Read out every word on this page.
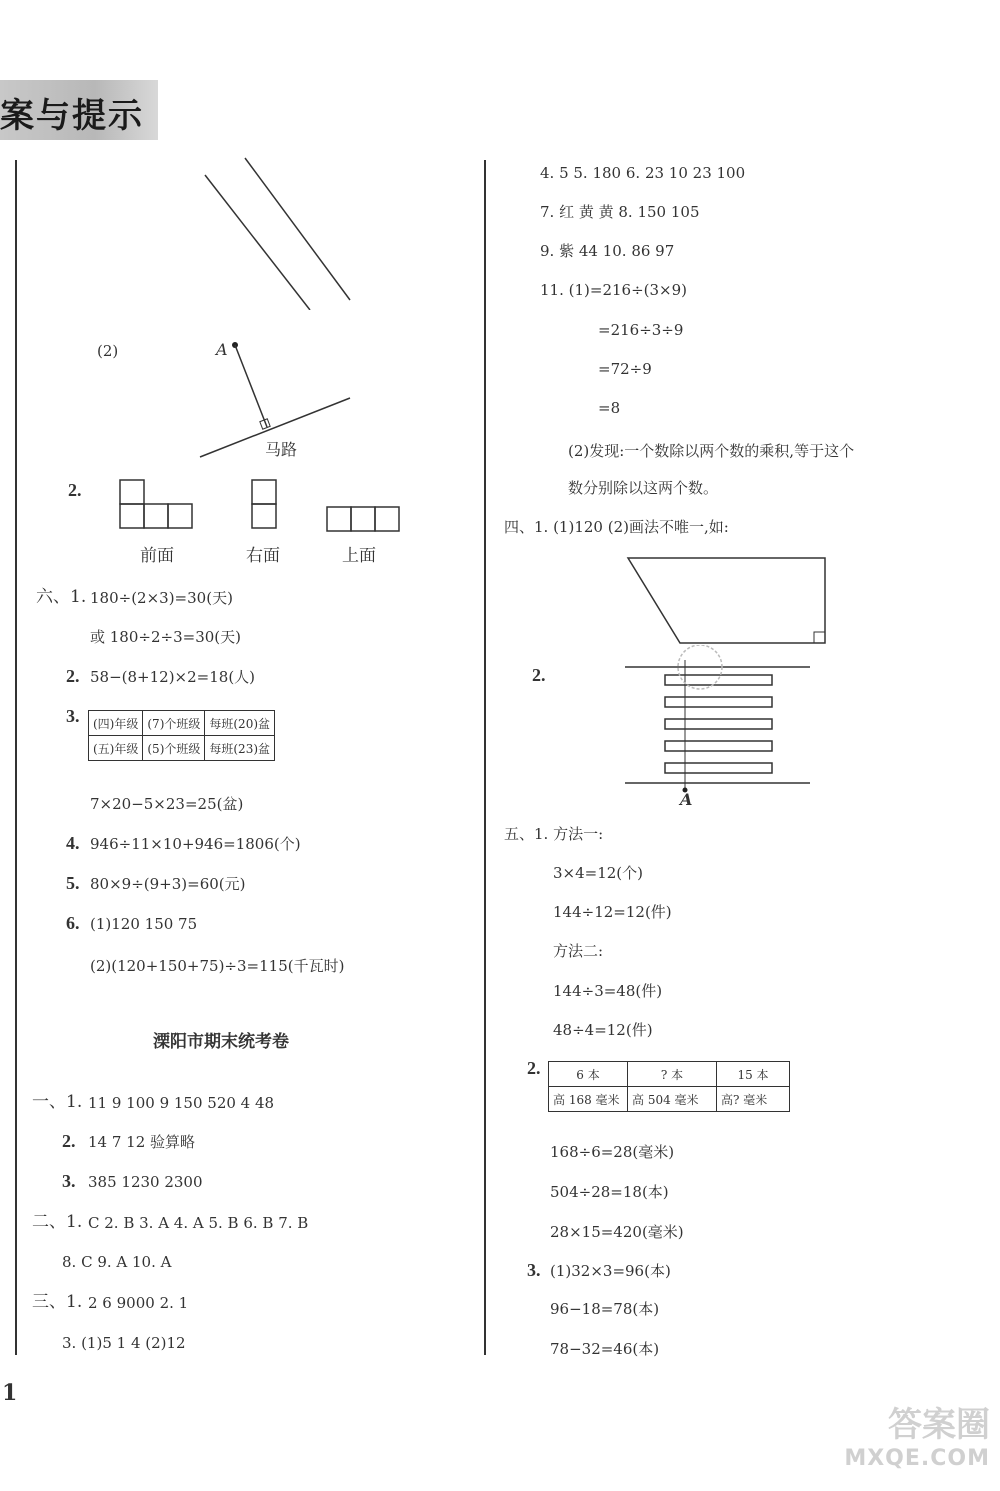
案与提示
(2)	A
马路
2.
前面	右面	上面
六、1. 180÷(2×3)=30(天)
或 180÷2÷3=30(天)
2. 58−(8+12)×2=18(人)
3. (四)年级	(7)个班级	每班(20)盆
(五)年级	(5)个班级	每班(23)盆
7×20−5×23=25(盆)
4. 946÷11×10+946=1806(个)
5. 80×9÷(9+3)=60(元)
6. (1)120 150 75
(2)(120+150+75)÷3=115(千瓦时)
溧阳市期末统考卷
一、1. 11 9 100 9 150 520 4 48
2. 14 7 12 验算略
3. 385 1230 2300
二、1. C 2. B 3. A 4. A 5. B 6. B 7. B
8. C 9. A 10. A
三、1. 2 6 9000 2. 1
3. (1)5 1 4 (2)12
1
4. 5 5. 180 6. 23 10 23 100
7. 红 黄 黄 8. 150 105
9. 紫 44 10. 86 97
11. (1)=216÷(3×9)
=216÷3÷9
=72÷9
=8
(2)发现:一个数除以两个数的乘积,等于这个
数分别除以这两个数。
四、1. (1)120 (2)画法不唯一,如:
2.
A
五、1. 方法一:
3×4=12(个)
144÷12=12(件)
方法二:
144÷3=48(件)
48÷4=12(件)
2.	6 本	? 本	15 本
高 168 毫米	高 504 毫米	高? 毫米
168÷6=28(毫米)
504÷28=18(本)
28×15=420(毫米)
3. (1)32×3=96(本)
96−18=78(本)
78−32=46(本)
答案圈
MXQE.COM
